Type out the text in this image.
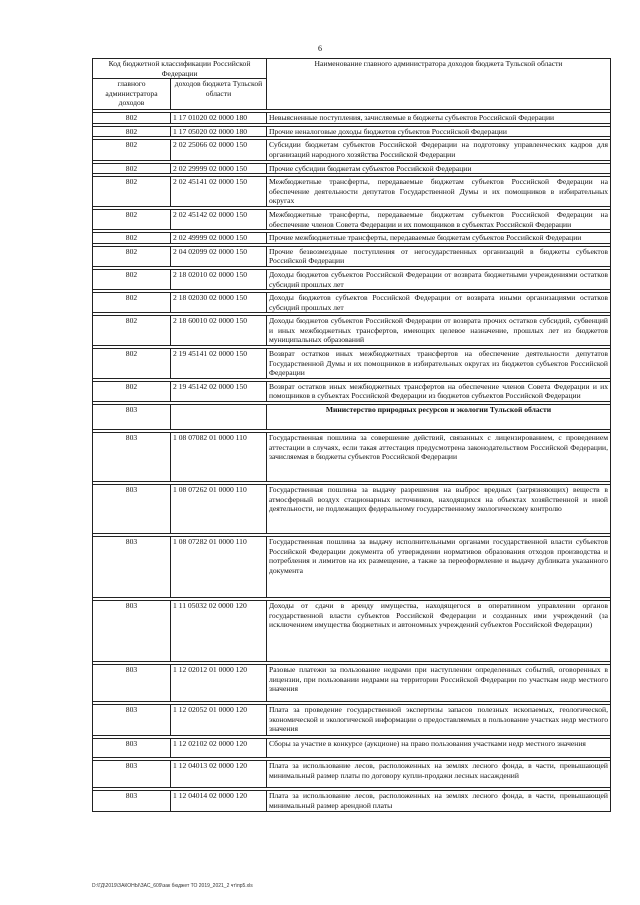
6
Код бюджетной классификации Российской Федерации		Наименование главного администратора доходов бюджета Тульской области
главного администратора доходов	доходов бюджета Тульской области	

802	1 17 01020 02 0000 180	Невыясненные поступления, зачисляемые в бюджеты субъектов Российской Федерации

802	1 17 05020 02 0000 180	Прочие неналоговые доходы бюджетов субъектов Российской Федерации

802	2 02 25066 02 0000 150	Субсидии бюджетам субъектов Российской Федерации на подготовку управленческих кадров для организаций народного хозяйства Российской Федерации

802	2 02 29999 02 0000 150	Прочие субсидии бюджетам субъектов Российской Федерации

802	2 02 45141 02 0000 150	Межбюджетные трансферты, передаваемые бюджетам субъектов Российской Федерации на обеспечение деятельности депутатов Государственной Думы и их помощников в избирательных округах

802	2 02 45142 02 0000 150	Межбюджетные трансферты, передаваемые бюджетам субъектов Российской Федерации на обеспечение членов Совета Федерации и их помощников в субъектах Российской Федерации

802	2 02 49999 02 0000 150	Прочие межбюджетные трансферты, передаваемые бюджетам субъектов Российской Федерации

802	2 04 02099 02 0000 150	Прочие безвозмездные поступления от негосударственных организаций в бюджеты субъектов Российской Федерации

802	2 18 02010 02 0000 150	Доходы бюджетов субъектов Российской Федерации от возврата бюджетными учреждениями остатков субсидий прошлых лет

802	2 18 02030 02 0000 150	Доходы бюджетов субъектов Российской Федерации от возврата иными организациями остатков субсидий прошлых лет

802	2 18 60010 02 0000 150	Доходы бюджетов субъектов Российской Федерации от возврата прочих остатков субсидий, субвенций и иных межбюджетных трансфертов, имеющих целевое назначение, прошлых лет из бюджетов муниципальных образований

802	2 19 45141 02 0000 150	Возврат остатков иных межбюджетных трансфертов на обеспечение деятельности депутатов Государственной Думы и их помощников в избирательных округах из бюджетов субъектов Российской Федерации

802	2 19 45142 02 0000 150	Возврат остатков иных межбюджетных трансфертов на обеспечение членов Совета Федерации и их помощников в субъектах Российской Федерации из бюджетов субъектов Российской Федерации

803		Министерство природных ресурсов и экологии Тульской области

803	1 08 07082 01 0000 110	Государственная пошлина за совершение действий, связанных с лицензированием, с проведением аттестации в случаях, если такая аттестация предусмотрена законодательством Российской Федерации, зачисляемая в бюджеты субъектов Российской Федерации

803	1 08 07262 01 0000 110	Государственная пошлина за выдачу разрешения на выброс вредных (загрязняющих) веществ в атмосферный воздух стационарных источников, находящихся на объектах хозяйственной и иной деятельности, не подлежащих федеральному государственному экологическому контролю

803	1 08 07282 01 0000 110	Государственная пошлина за выдачу исполнительными органами государственной власти субъектов Российской Федерации документа об утверждении нормативов образования отходов производства и потребления и лимитов на их размещение, а также за переоформление и выдачу дубликата указанного документа

803	1 11 05032 02 0000 120	Доходы от сдачи в аренду имущества, находящегося в оперативном управлении органов государственной власти субъектов Российской Федерации и созданных ими учреждений (за исключением имущества бюджетных и автономных учреждений субъектов Российской Федерации)

803	1 12 02012 01 0000 120	Разовые платежи за пользование недрами при наступлении определенных событий, оговоренных в лицензии, при пользовании недрами на территории Российской Федерации по участкам недр местного значения

803	1 12 02052 01 0000 120	Плата за проведение государственной экспертизы запасов полезных ископаемых, геологической, экономической и экологической информации о предоставляемых в пользование участках недр местного значения

803	1 12 02102 02 0000 120	Сборы за участие в конкурсе (аукционе) на право пользования участками недр местного значения

803	1 12 04013 02 0000 120	Плата за использование лесов, расположенных на землях лесного фонда, в части, превышающей минимальный размер платы по договору купли-продажи лесных насаждений

803	1 12 04014 02 0000 120	Плата за использование лесов, расположенных на землях лесного фонда, в части, превышающей минимальный размер арендной платы
D:\ГД\2019\ЗАКОНЫ\ЗАС_609\зак бюджет ТО 2019_2021_2 чт\пр5.xls
